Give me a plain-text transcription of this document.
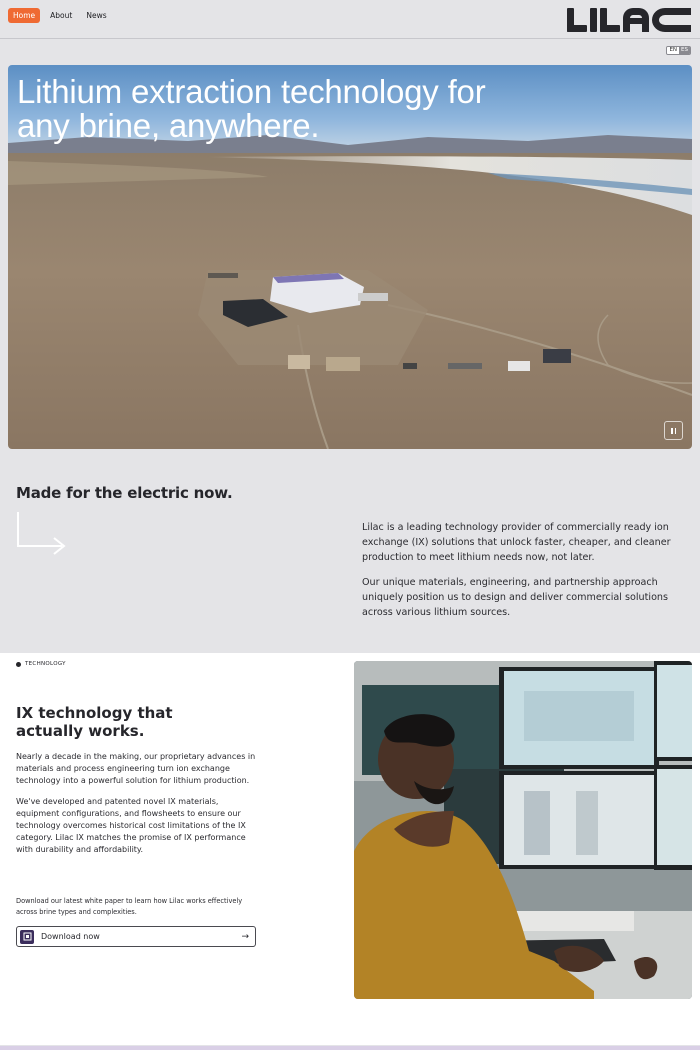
Home	About	News
EN ES
Lithium extraction technology for any brine, anywhere.
Made for the electric now.

Lilac is a leading technology provider of commercially ready ion exchange (IX) solutions that unlock faster, cheaper, and cleaner production to meet lithium needs now, not later.

Our unique materials, engineering, and partnership approach uniquely position us to design and deliver commercial solutions across various lithium sources.

TECHNOLOGY
IX technology that actually works.

Nearly a decade in the making, our proprietary advances in materials and process engineering turn ion exchange technology into a powerful solution for lithium production.

We've developed and patented novel IX materials, equipment configurations, and flowsheets to ensure our technology overcomes historical cost limitations of the IX category. Lilac IX matches the promise of IX performance with durability and affordability.

Download our latest white paper to learn how Lilac works effectively across brine types and complexities.
Download now	→
